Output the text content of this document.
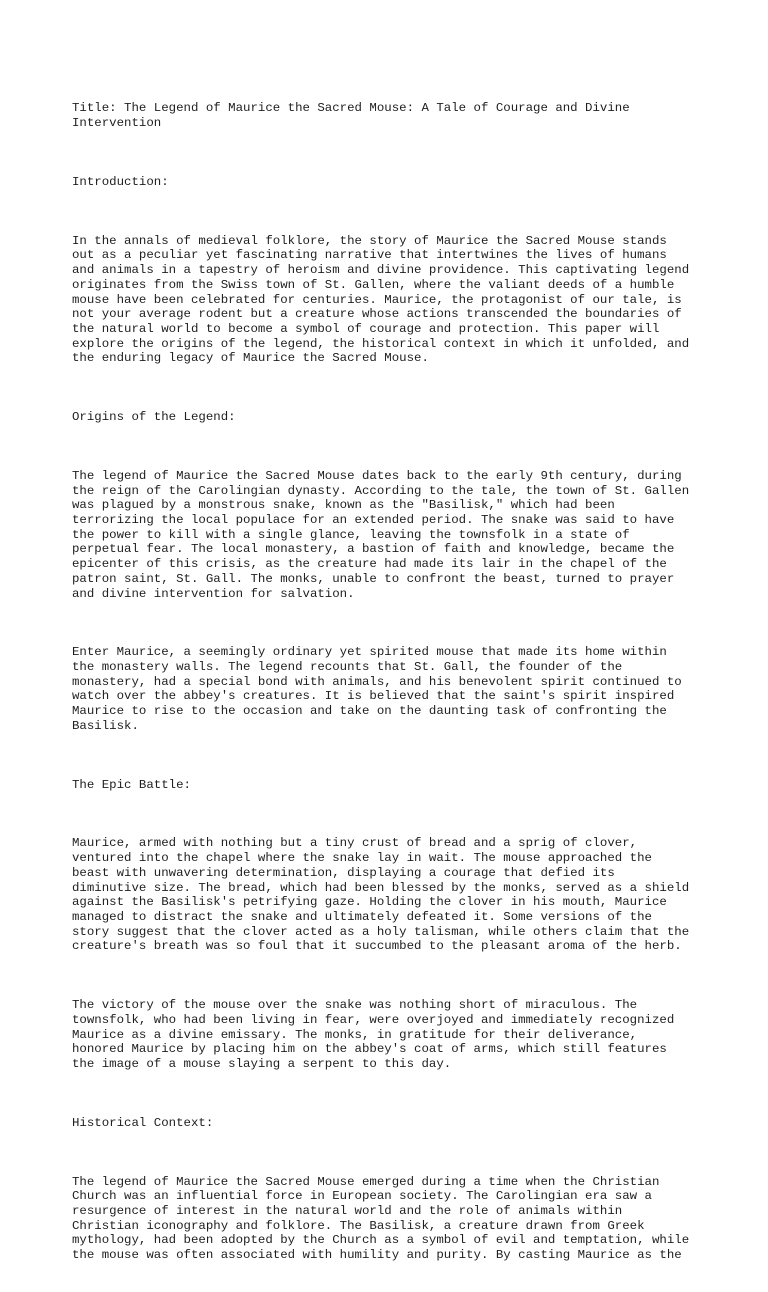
Title: The Legend of Maurice the Sacred Mouse: A Tale of Courage and Divine
Intervention

Introduction:

In the annals of medieval folklore, the story of Maurice the Sacred Mouse stands
out as a peculiar yet fascinating narrative that intertwines the lives of humans
and animals in a tapestry of heroism and divine providence. This captivating legend
originates from the Swiss town of St. Gallen, where the valiant deeds of a humble
mouse have been celebrated for centuries. Maurice, the protagonist of our tale, is
not your average rodent but a creature whose actions transcended the boundaries of
the natural world to become a symbol of courage and protection. This paper will
explore the origins of the legend, the historical context in which it unfolded, and
the enduring legacy of Maurice the Sacred Mouse.

Origins of the Legend:

The legend of Maurice the Sacred Mouse dates back to the early 9th century, during
the reign of the Carolingian dynasty. According to the tale, the town of St. Gallen
was plagued by a monstrous snake, known as the "Basilisk," which had been
terrorizing the local populace for an extended period. The snake was said to have
the power to kill with a single glance, leaving the townsfolk in a state of
perpetual fear. The local monastery, a bastion of faith and knowledge, became the
epicenter of this crisis, as the creature had made its lair in the chapel of the
patron saint, St. Gall. The monks, unable to confront the beast, turned to prayer
and divine intervention for salvation.

Enter Maurice, a seemingly ordinary yet spirited mouse that made its home within
the monastery walls. The legend recounts that St. Gall, the founder of the
monastery, had a special bond with animals, and his benevolent spirit continued to
watch over the abbey's creatures. It is believed that the saint's spirit inspired
Maurice to rise to the occasion and take on the daunting task of confronting the
Basilisk.

The Epic Battle:

Maurice, armed with nothing but a tiny crust of bread and a sprig of clover,
ventured into the chapel where the snake lay in wait. The mouse approached the
beast with unwavering determination, displaying a courage that defied its
diminutive size. The bread, which had been blessed by the monks, served as a shield
against the Basilisk's petrifying gaze. Holding the clover in his mouth, Maurice
managed to distract the snake and ultimately defeated it. Some versions of the
story suggest that the clover acted as a holy talisman, while others claim that the
creature's breath was so foul that it succumbed to the pleasant aroma of the herb.

The victory of the mouse over the snake was nothing short of miraculous. The
townsfolk, who had been living in fear, were overjoyed and immediately recognized
Maurice as a divine emissary. The monks, in gratitude for their deliverance,
honored Maurice by placing him on the abbey's coat of arms, which still features
the image of a mouse slaying a serpent to this day.

Historical Context:

The legend of Maurice the Sacred Mouse emerged during a time when the Christian
Church was an influential force in European society. The Carolingian era saw a
resurgence of interest in the natural world and the role of animals within
Christian iconography and folklore. The Basilisk, a creature drawn from Greek
mythology, had been adopted by the Church as a symbol of evil and temptation, while
the mouse was often associated with humility and purity. By casting Maurice as the
